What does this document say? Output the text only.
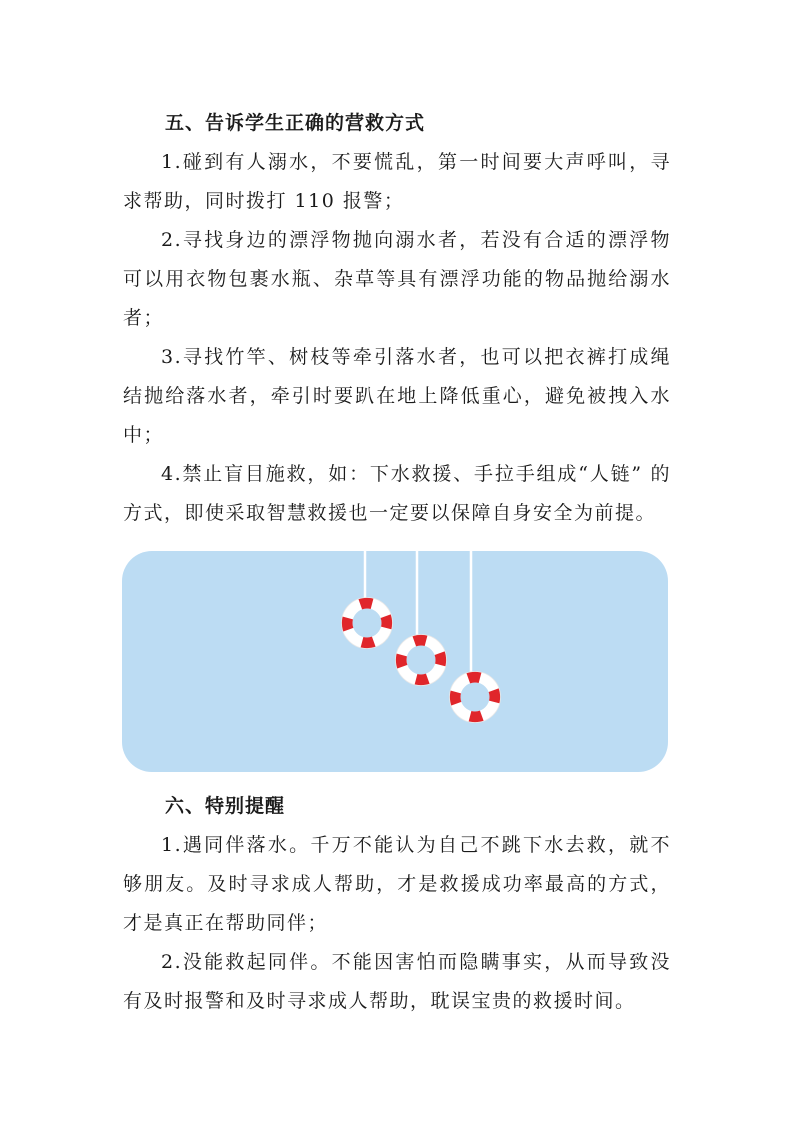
五、告诉学生正确的营救方式

1.碰到有人溺水，不要慌乱，第一时间要大声呼叫，寻求帮助，同时拨打 110 报警；

2.寻找身边的漂浮物抛向溺水者，若没有合适的漂浮物可以用衣物包裹水瓶、杂草等具有漂浮功能的物品抛给溺水者；

3.寻找竹竿、树枝等牵引落水者，也可以把衣裤打成绳结抛给落水者，牵引时要趴在地上降低重心，避免被拽入水中；

4.禁止盲目施救，如：下水救援、手拉手组成“人链” 的方式，即使采取智慧救援也一定要以保障自身安全为前提。

六、特别提醒

1.遇同伴落水。千万不能认为自己不跳下水去救，就不够朋友。及时寻求成人帮助，才是救援成功率最高的方式，才是真正在帮助同伴；

2.没能救起同伴。不能因害怕而隐瞒事实，从而导致没有及时报警和及时寻求成人帮助，耽误宝贵的救援时间。
